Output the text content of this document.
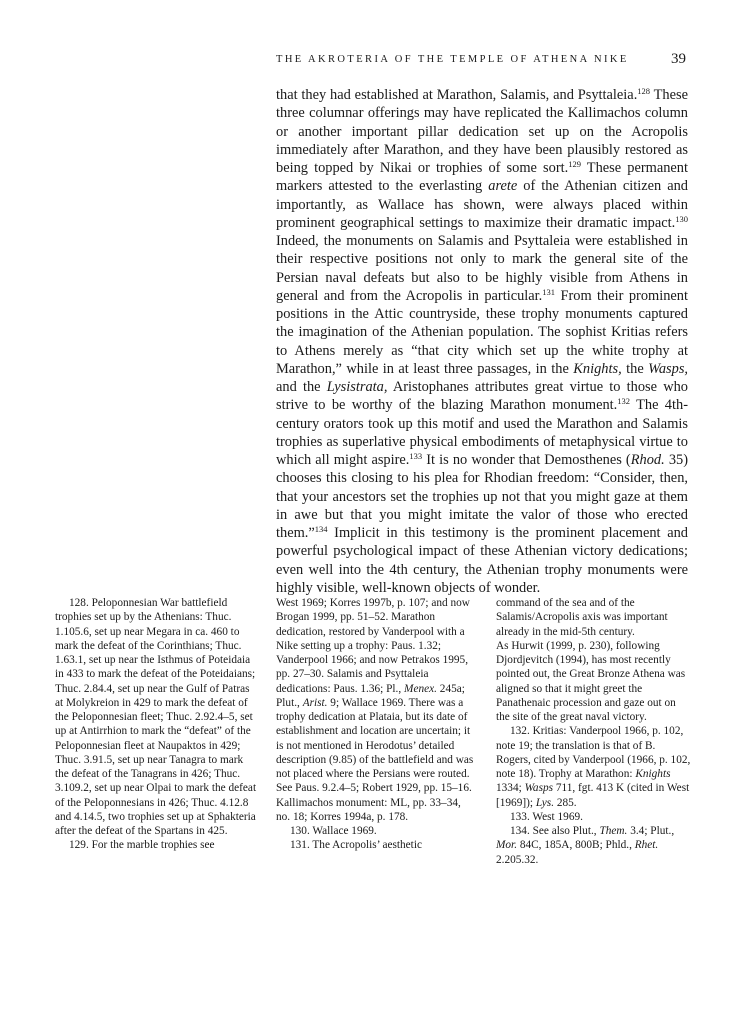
THE AKROTERIA OF THE TEMPLE OF ATHENA NIKE	39

that they had established at Marathon, Salamis, and Psyttaleia.$^{128}$ These three columnar offerings may have replicated the Kallimachos column or another important pillar dedication set up on the Acropolis immediately after Marathon, and they have been plausibly restored as being topped by Nikai or trophies of some sort.$^{129}$ These permanent markers attested to the everlasting arete of the Athenian citizen and importantly, as Wallace has shown, were always placed within prominent geographical settings to maximize their dramatic impact.$^{130}$ Indeed, the monuments on Salamis and Psyttaleia were established in their respective positions not only to mark the general site of the Persian naval defeats but also to be highly visible from Athens in general and from the Acropolis in particular.$^{131}$ From their prominent positions in the Attic countryside, these trophy monuments captured the imagination of the Athenian population. The sophist Kritias refers to Athens merely as “that city which set up the white trophy at Marathon,” while in at least three passages, in the Knights, the Wasps, and the Lysistrata, Aristophanes attributes great virtue to those who strive to be worthy of the blazing Marathon monument.$^{132}$ The 4th-century orators took up this motif and used the Marathon and Salamis trophies as superlative physical embodiments of metaphysical virtue to which all might aspire.$^{133}$ It is no wonder that Demosthenes (Rhod. 35) chooses this closing to his plea for Rhodian freedom: “Consider, then, that your ancestors set the trophies up not that you might gaze at them in awe but that you might imitate the valor of those who erected them.”$^{134}$ Implicit in this testimony is the prominent placement and powerful psychological impact of these Athenian victory dedications; even well into the 4th century, the Athenian trophy monuments were highly visible, well-known objects of wonder.

128. Peloponnesian War battlefield trophies set up by the Athenians: Thuc. 1.105.6, set up near Megara in ca. 460 to mark the defeat of the Corinthians; Thuc. 1.63.1, set up near the Isthmus of Poteidaia in 433 to mark the defeat of the Poteidaians; Thuc. 2.84.4, set up near the Gulf of Patras at Molykreion in 429 to mark the defeat of the Peloponnesian fleet; Thuc. 2.92.4–5, set up at Antirrhion to mark the “defeat” of the Peloponnesian fleet at Naupaktos in 429; Thuc. 3.91.5, set up near Tanagra to mark the defeat of the Tanagrans in 426; Thuc. 3.109.2, set up near Olpai to mark the defeat of the Peloponnesians in 426; Thuc. 4.12.8 and 4.14.5, two trophies set up at Sphakteria after the defeat of the Spartans in 425.

129. For the marble trophies see

West 1969; Korres 1997b, p. 107; and now Brogan 1999, pp. 51–52. Marathon dedication, restored by Vanderpool with a Nike setting up a trophy: Paus. 1.32; Vanderpool 1966; and now Petrakos 1995, pp. 27–30. Salamis and Psyttaleia dedications: Paus. 1.36; Pl., Menex. 245a; Plut., Arist. 9; Wallace 1969. There was a trophy dedication at Plataia, but its date of establishment and location are uncertain; it is not mentioned in Herodotus’ detailed description (9.85) of the battlefield and was not placed where the Persians were routed. See Paus. 9.2.4–5; Robert 1929, pp. 15–16. Kallimachos monument: ML, pp. 33–34, no. 18; Korres 1994a, p. 178.

130. Wallace 1969.

131. The Acropolis’ aesthetic

command of the sea and of the Salamis/Acropolis axis was important already in the mid-5th century.

As Hurwit (1999, p. 230), following Djordjevitch (1994), has most recently pointed out, the Great Bronze Athena was aligned so that it might greet the Panathenaic procession and gaze out on the site of the great naval victory.

132. Kritias: Vanderpool 1966, p. 102, note 19; the translation is that of B. Rogers, cited by Vanderpool (1966, p. 102, note 18). Trophy at Marathon: Knights 1334; Wasps 711, fgt. 413 K (cited in West [1969]); Lys. 285.

133. West 1969.

134. See also Plut., Them. 3.4; Plut., Mor. 84C, 185A, 800B; Phld., Rhet. 2.205.32.
